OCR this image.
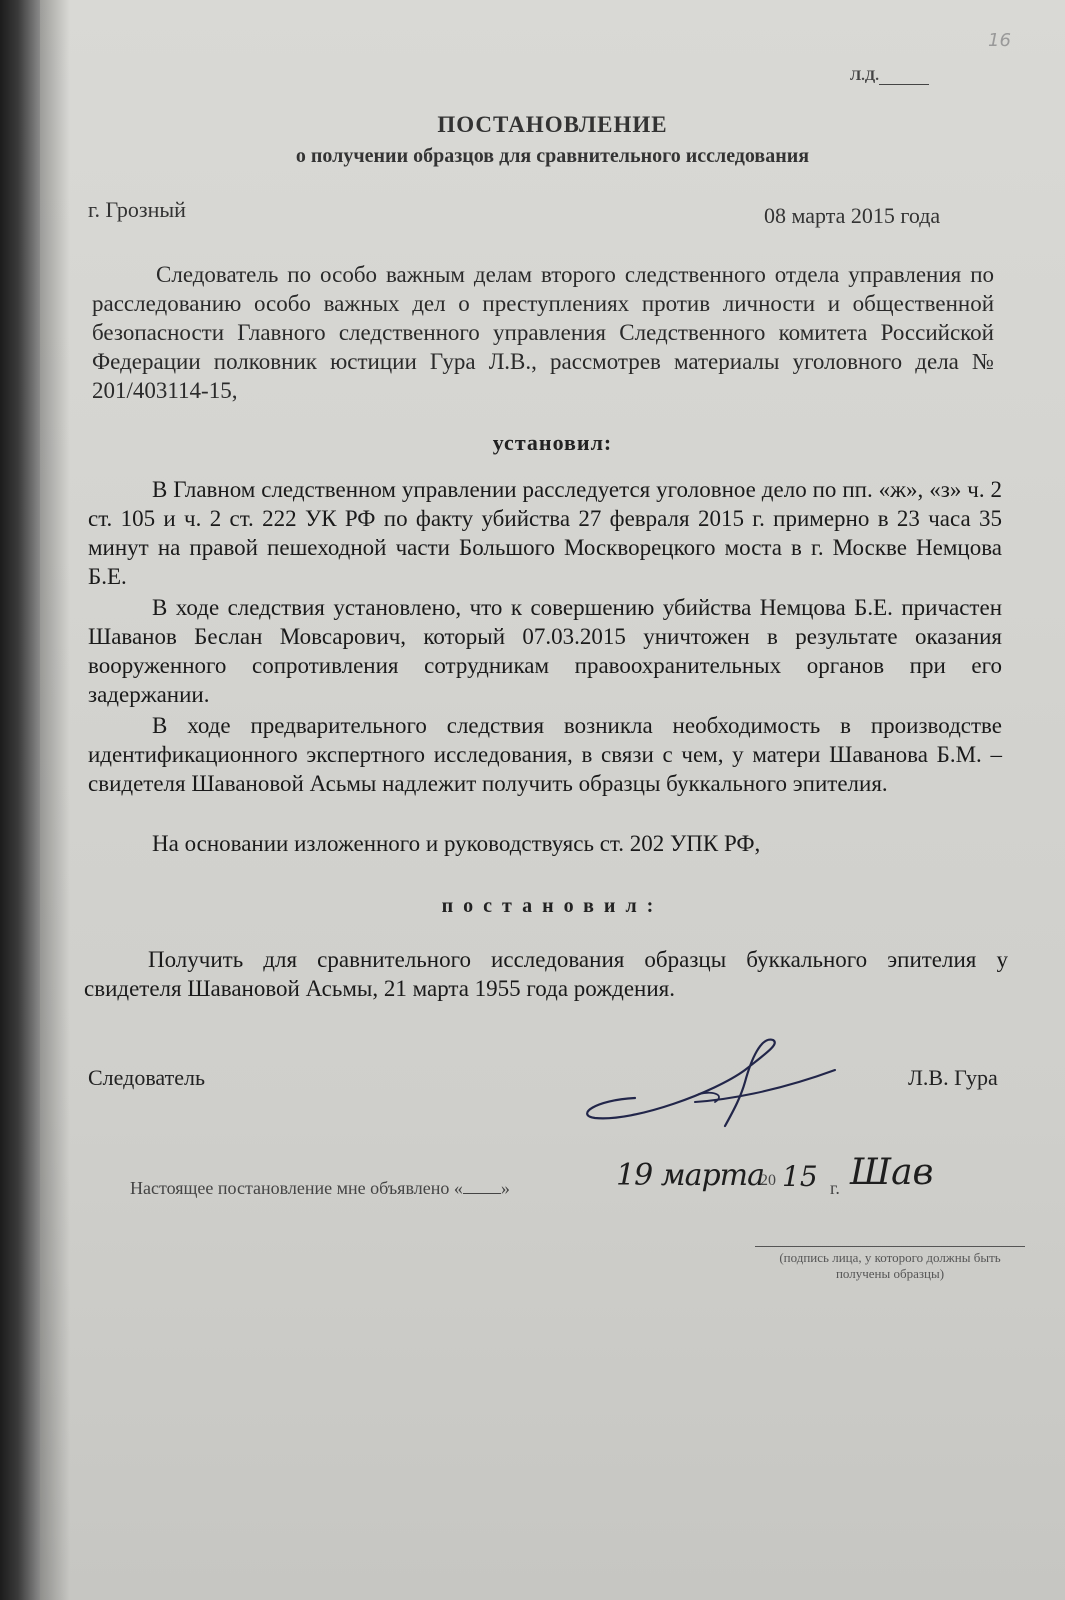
16
Л.Д.
ПОСТАНОВЛЕНИЕ
о получении образцов для сравнительного исследования
г. Грозный	08 марта 2015 года
Следователь по особо важным делам второго следственного отдела управления по расследованию особо важных дел о преступлениях против личности и общественной безопасности Главного следственного управления Следственного комитета Российской Федерации полковник юстиции Гура Л.В., рассмотрев материалы уголовного дела № 201/403114-15,
установил:
В Главном следственном управлении расследуется уголовное дело по пп. «ж», «з» ч. 2 ст. 105 и ч. 2 ст. 222 УК РФ по факту убийства 27 февраля 2015 г. примерно в 23 часа 35 минут на правой пешеходной части Большого Москворецкого моста в г. Москве Немцова Б.Е.
В ходе следствия установлено, что к совершению убийства Немцова Б.Е. причастен Шаванов Беслан Мовсарович, который 07.03.2015 уничтожен в результате оказания вооруженного сопротивления сотрудникам правоохранительных органов при его задержании.
В ходе предварительного следствия возникла необходимость в производстве идентификационного экспертного исследования, в связи с чем, у матери Шаванова Б.М. – свидетеля Шавановой Асьмы надлежит получить образцы буккального эпителия.
На основании изложенного и руководствуясь ст. 202 УПК РФ,
постановил:
Получить для сравнительного исследования образцы буккального эпителия у свидетеля Шавановой Асьмы, 21 марта 1955 года рождения.
Следователь	Л.В. Гура
Настоящее постановление мне объявлено « »	19 марта
20 15 г. Шав
(подпись лица, у которого должны быть получены образцы)
